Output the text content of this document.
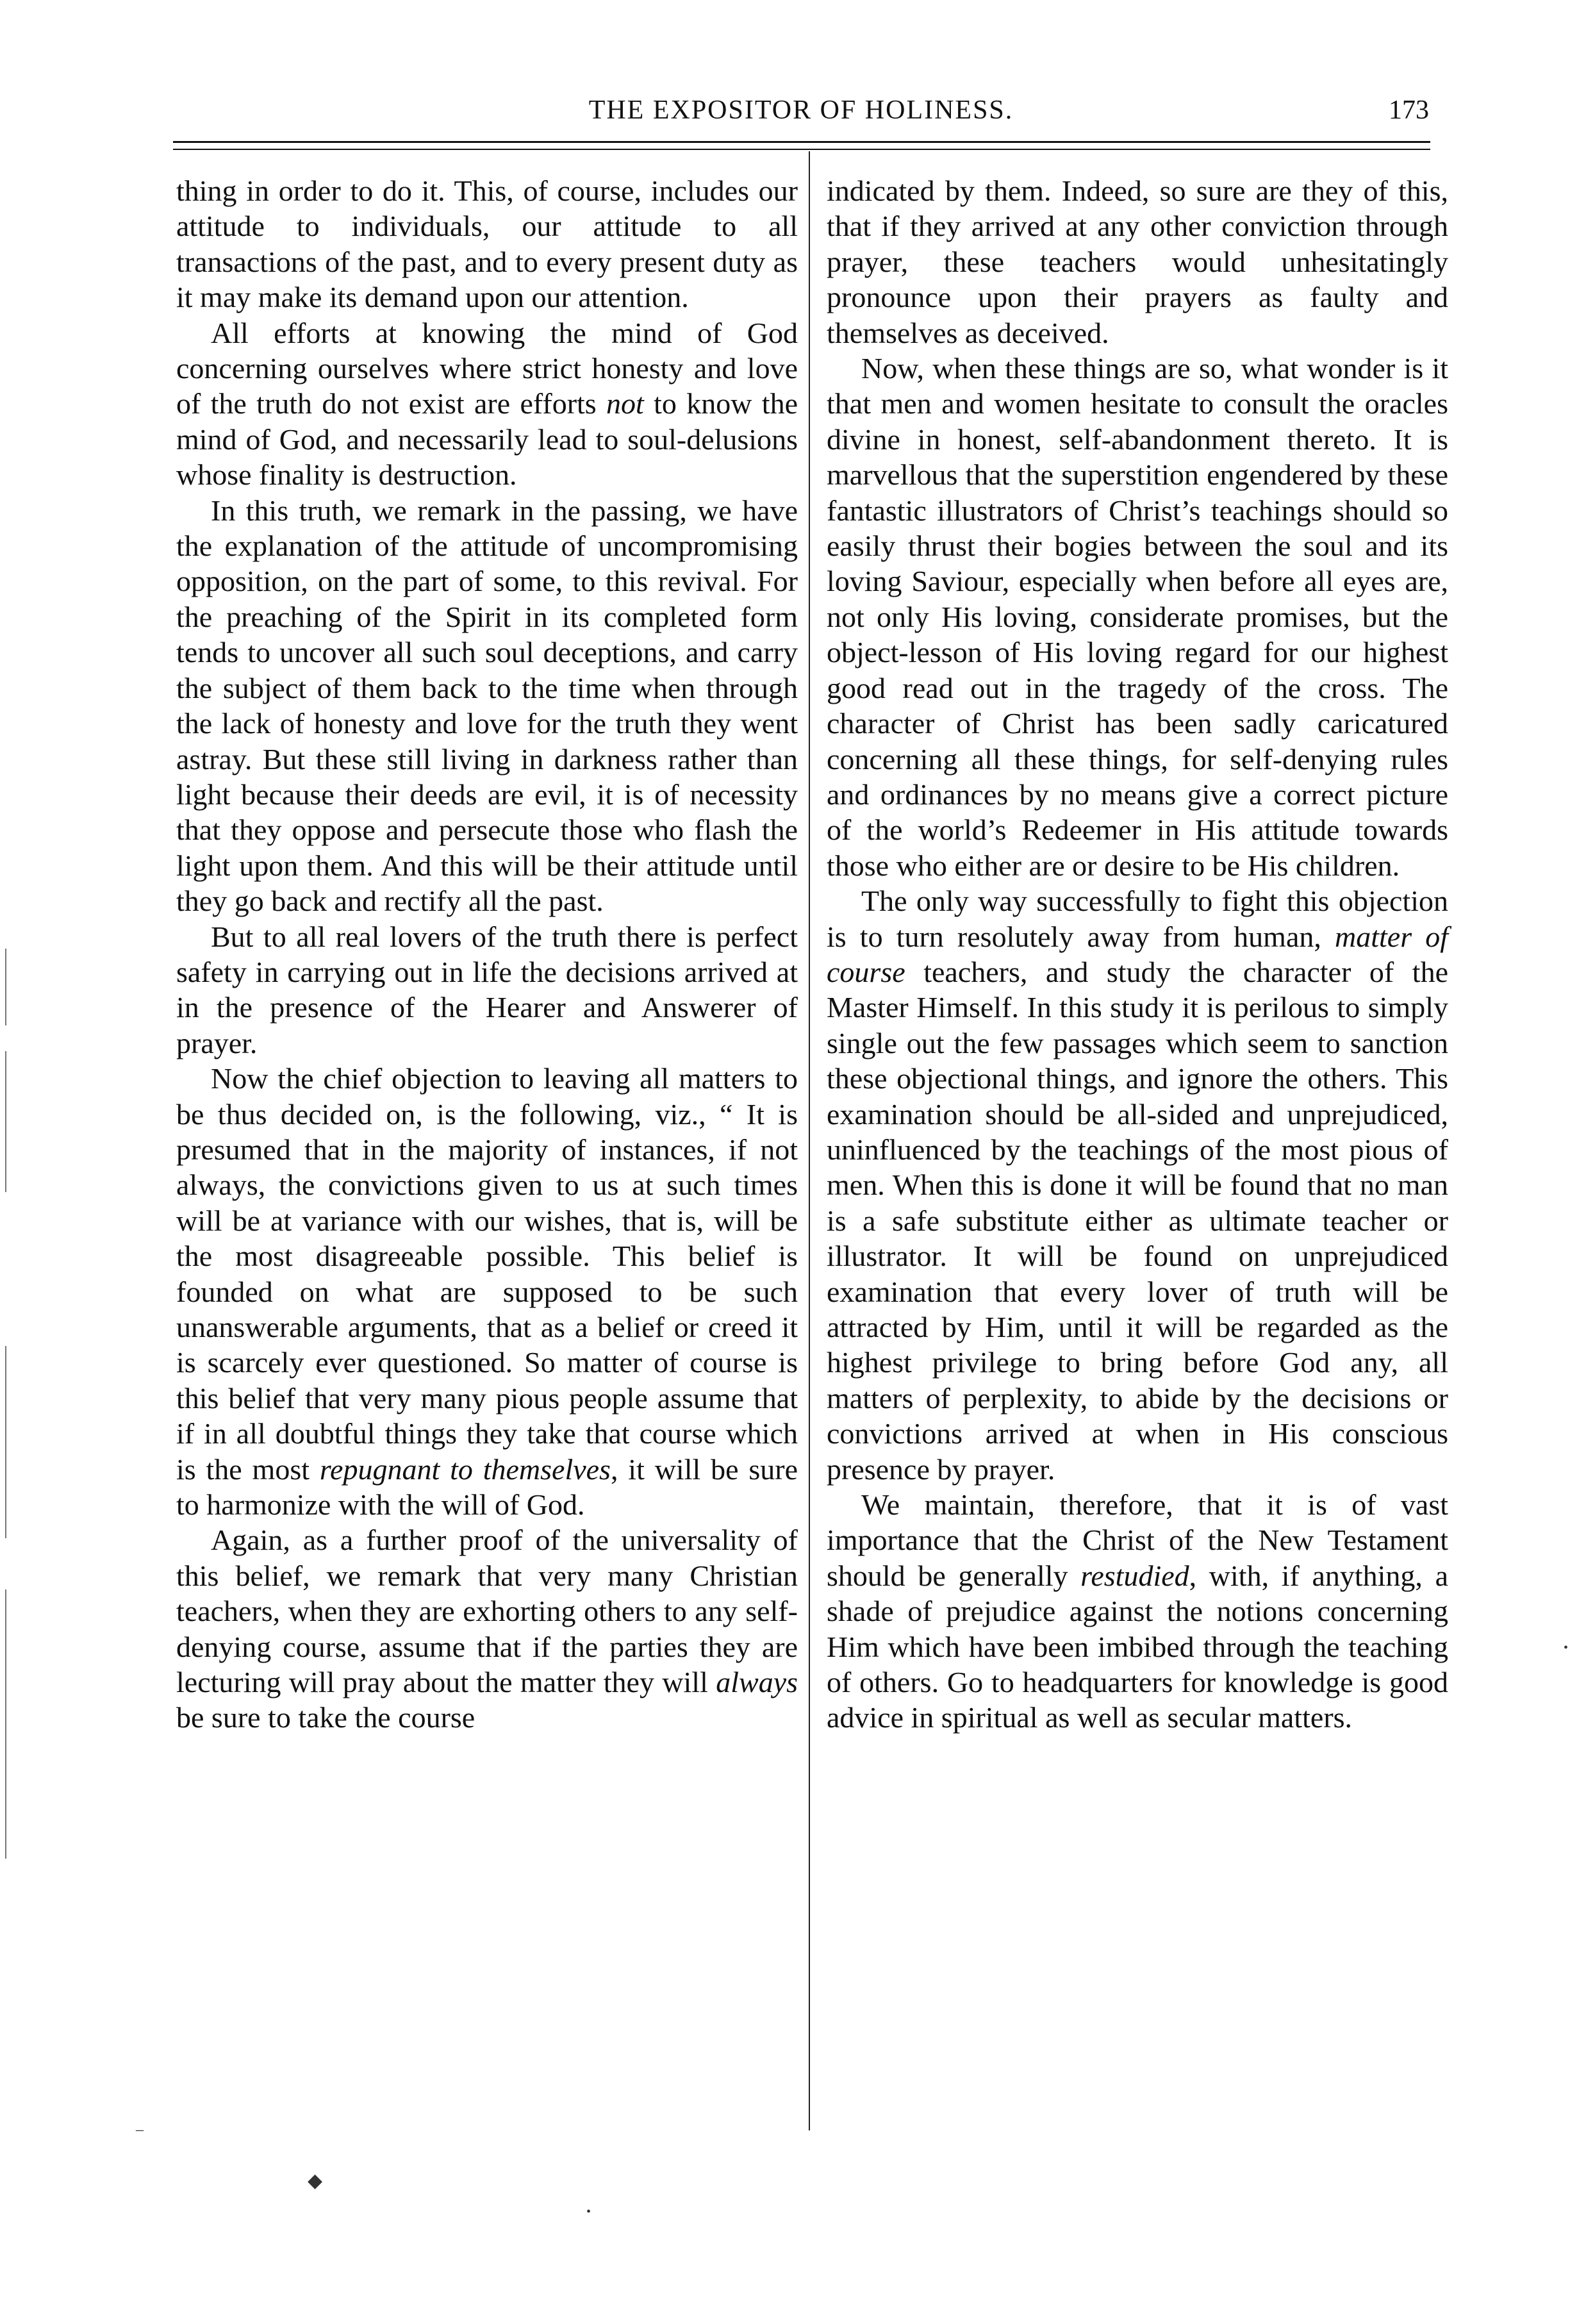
THE EXPOSITOR OF HOLINESS.	173

thing in order to do it. This, of course, includes our attitude to individuals, our attitude to all transactions of the past, and to every present duty as it may make its demand upon our attention.

All efforts at knowing the mind of God concerning ourselves where strict honesty and love of the truth do not exist are efforts not to know the mind of God, and necessarily lead to soul-delusions whose finality is destruction.

In this truth, we remark in the passing, we have the explanation of the attitude of uncompromising opposition, on the part of some, to this revival. For the preaching of the Spirit in its completed form tends to uncover all such soul deceptions, and carry the subject of them back to the time when through the lack of honesty and love for the truth they went astray. But these still living in darkness rather than light because their deeds are evil, it is of necessity that they oppose and persecute those who flash the light upon them. And this will be their attitude until they go back and rectify all the past.

But to all real lovers of the truth there is perfect safety in carrying out in life the decisions arrived at in the presence of the Hearer and Answerer of prayer.

Now the chief objection to leaving all matters to be thus decided on, is the following, viz., “ It is presumed that in the majority of instances, if not always, the convictions given to us at such times will be at variance with our wishes, that is, will be the most disagreeable possible. This belief is founded on what are supposed to be such unanswerable arguments, that as a belief or creed it is scarcely ever questioned. So matter of course is this belief that very many pious people assume that if in all doubtful things they take that course which is the most repugnant to themselves, it will be sure to harmonize with the will of God.

Again, as a further proof of the universality of this belief, we remark that very many Christian teachers, when they are exhorting others to any self-denying course, assume that if the parties they are lecturing will pray about the matter they will always be sure to take the course

indicated by them. Indeed, so sure are they of this, that if they arrived at any other conviction through prayer, these teachers would unhesitatingly pronounce upon their prayers as faulty and themselves as deceived.

Now, when these things are so, what wonder is it that men and women hesitate to consult the oracles divine in honest, self-abandonment thereto. It is marvellous that the superstition engendered by these fantastic illustrators of Christ’s teachings should so easily thrust their bogies between the soul and its loving Saviour, especially when before all eyes are, not only His loving, considerate promises, but the object-lesson of His loving regard for our highest good read out in the tragedy of the cross. The character of Christ has been sadly caricatured concerning all these things, for self-denying rules and ordinances by no means give a correct picture of the world’s Redeemer in His attitude towards those who either are or desire to be His children.

The only way successfully to fight this objection is to turn resolutely away from human, matter of course teachers, and study the character of the Master Himself. In this study it is perilous to simply single out the few passages which seem to sanction these objectional things, and ignore the others. This examination should be all-sided and unprejudiced, uninfluenced by the teachings of the most pious of men. When this is done it will be found that no man is a safe substitute either as ultimate teacher or illustrator. It will be found on unprejudiced examination that every lover of truth will be attracted by Him, until it will be regarded as the highest privilege to bring before God any, all matters of perplexity, to abide by the decisions or convictions arrived at when in His conscious presence by prayer.

We maintain, therefore, that it is of vast importance that the Christ of the New Testament should be generally restudied, with, if anything, a shade of prejudice against the notions concerning Him which have been imbibed through the teaching of others. Go to headquarters for knowledge is good advice in spiritual as well as secular matters.

◆
•
•
–
